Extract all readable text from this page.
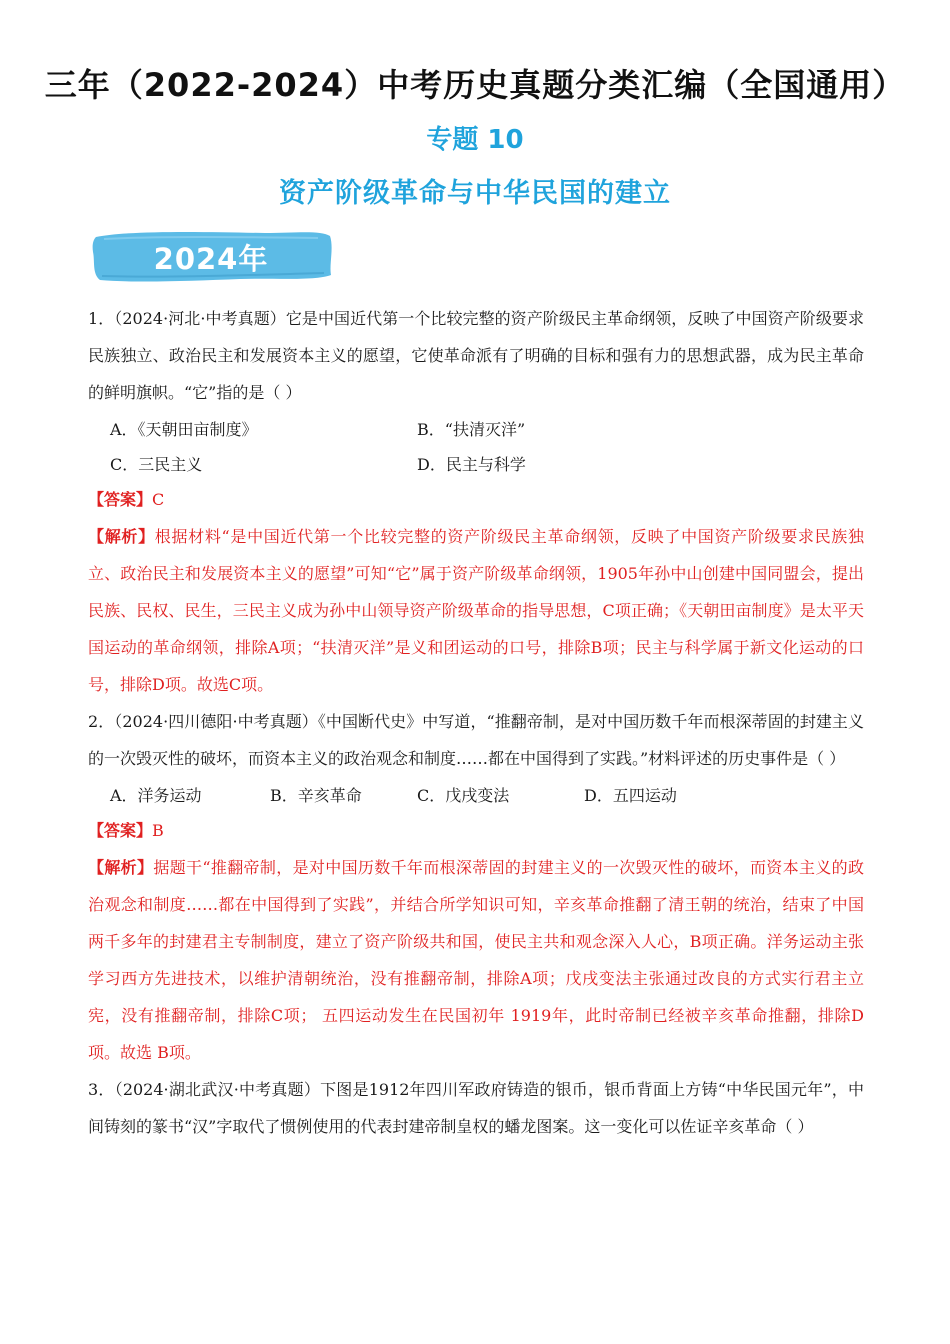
三年（2022-2024）中考历史真题分类汇编（全国通用）
专题 10
资产阶级革命与中华民国的建立
2024年

1．（2024·河北·中考真题）它是中国近代第一个比较完整的资产阶级民主革命纲领，反映了中国资产阶级要求民族独立、政治民主和发展资本主义的愿望，它使革命派有了明确的目标和强有力的思想武器，成为民主革命的鲜明旗帜。“它”指的是（ ）

A．《天朝田亩制度》	B．“扶清灭洋”
C．三民主义	D．民主与科学

【答案】C

【解析】根据材料“是中国近代第一个比较完整的资产阶级民主革命纲领，反映了中国资产阶级要求民族独立、政治民主和发展资本主义的愿望”可知“它”属于资产阶级革命纲领，1905年孙中山创建中国同盟会，提出民族、民权、民生，三民主义成为孙中山领导资产阶级革命的指导思想，C项正确；《天朝田亩制度》是太平天国运动的革命纲领，排除A项；“扶清灭洋”是义和团运动的口号，排除B项；民主与科学属于新文化运动的口号，排除D项。故选C项。

2．（2024·四川德阳·中考真题）《中国断代史》中写道，“推翻帝制，是对中国历数千年而根深蒂固的封建主义的一次毁灭性的破坏，而资本主义的政治观念和制度……都在中国得到了实践。”材料评述的历史事件是（ ）

A．洋务运动	B．辛亥革命	C．戊戌变法	D．五四运动

【答案】B

【解析】据题干“推翻帝制，是对中国历数千年而根深蒂固的封建主义的一次毁灭性的破坏，而资本主义的政治观念和制度……都在中国得到了实践”，并结合所学知识可知，辛亥革命推翻了清王朝的统治，结束了中国两千多年的封建君主专制制度，建立了资产阶级共和国，使民主共和观念深入人心，B项正确。洋务运动主张学习西方先进技术，以维护清朝统治，没有推翻帝制，排除A项；戊戌变法主张通过改良的方式实行君主立宪，没有推翻帝制，排除C项； 五四运动发生在民国初年 1919年，此时帝制已经被辛亥革命推翻，排除D项。故选 B项。

3．（2024·湖北武汉·中考真题）下图是1912年四川军政府铸造的银币，银币背面上方铸“中华民国元年”，中间铸刻的篆书“汉”字取代了惯例使用的代表封建帝制皇权的蟠龙图案。这一变化可以佐证辛亥革命（ ）
